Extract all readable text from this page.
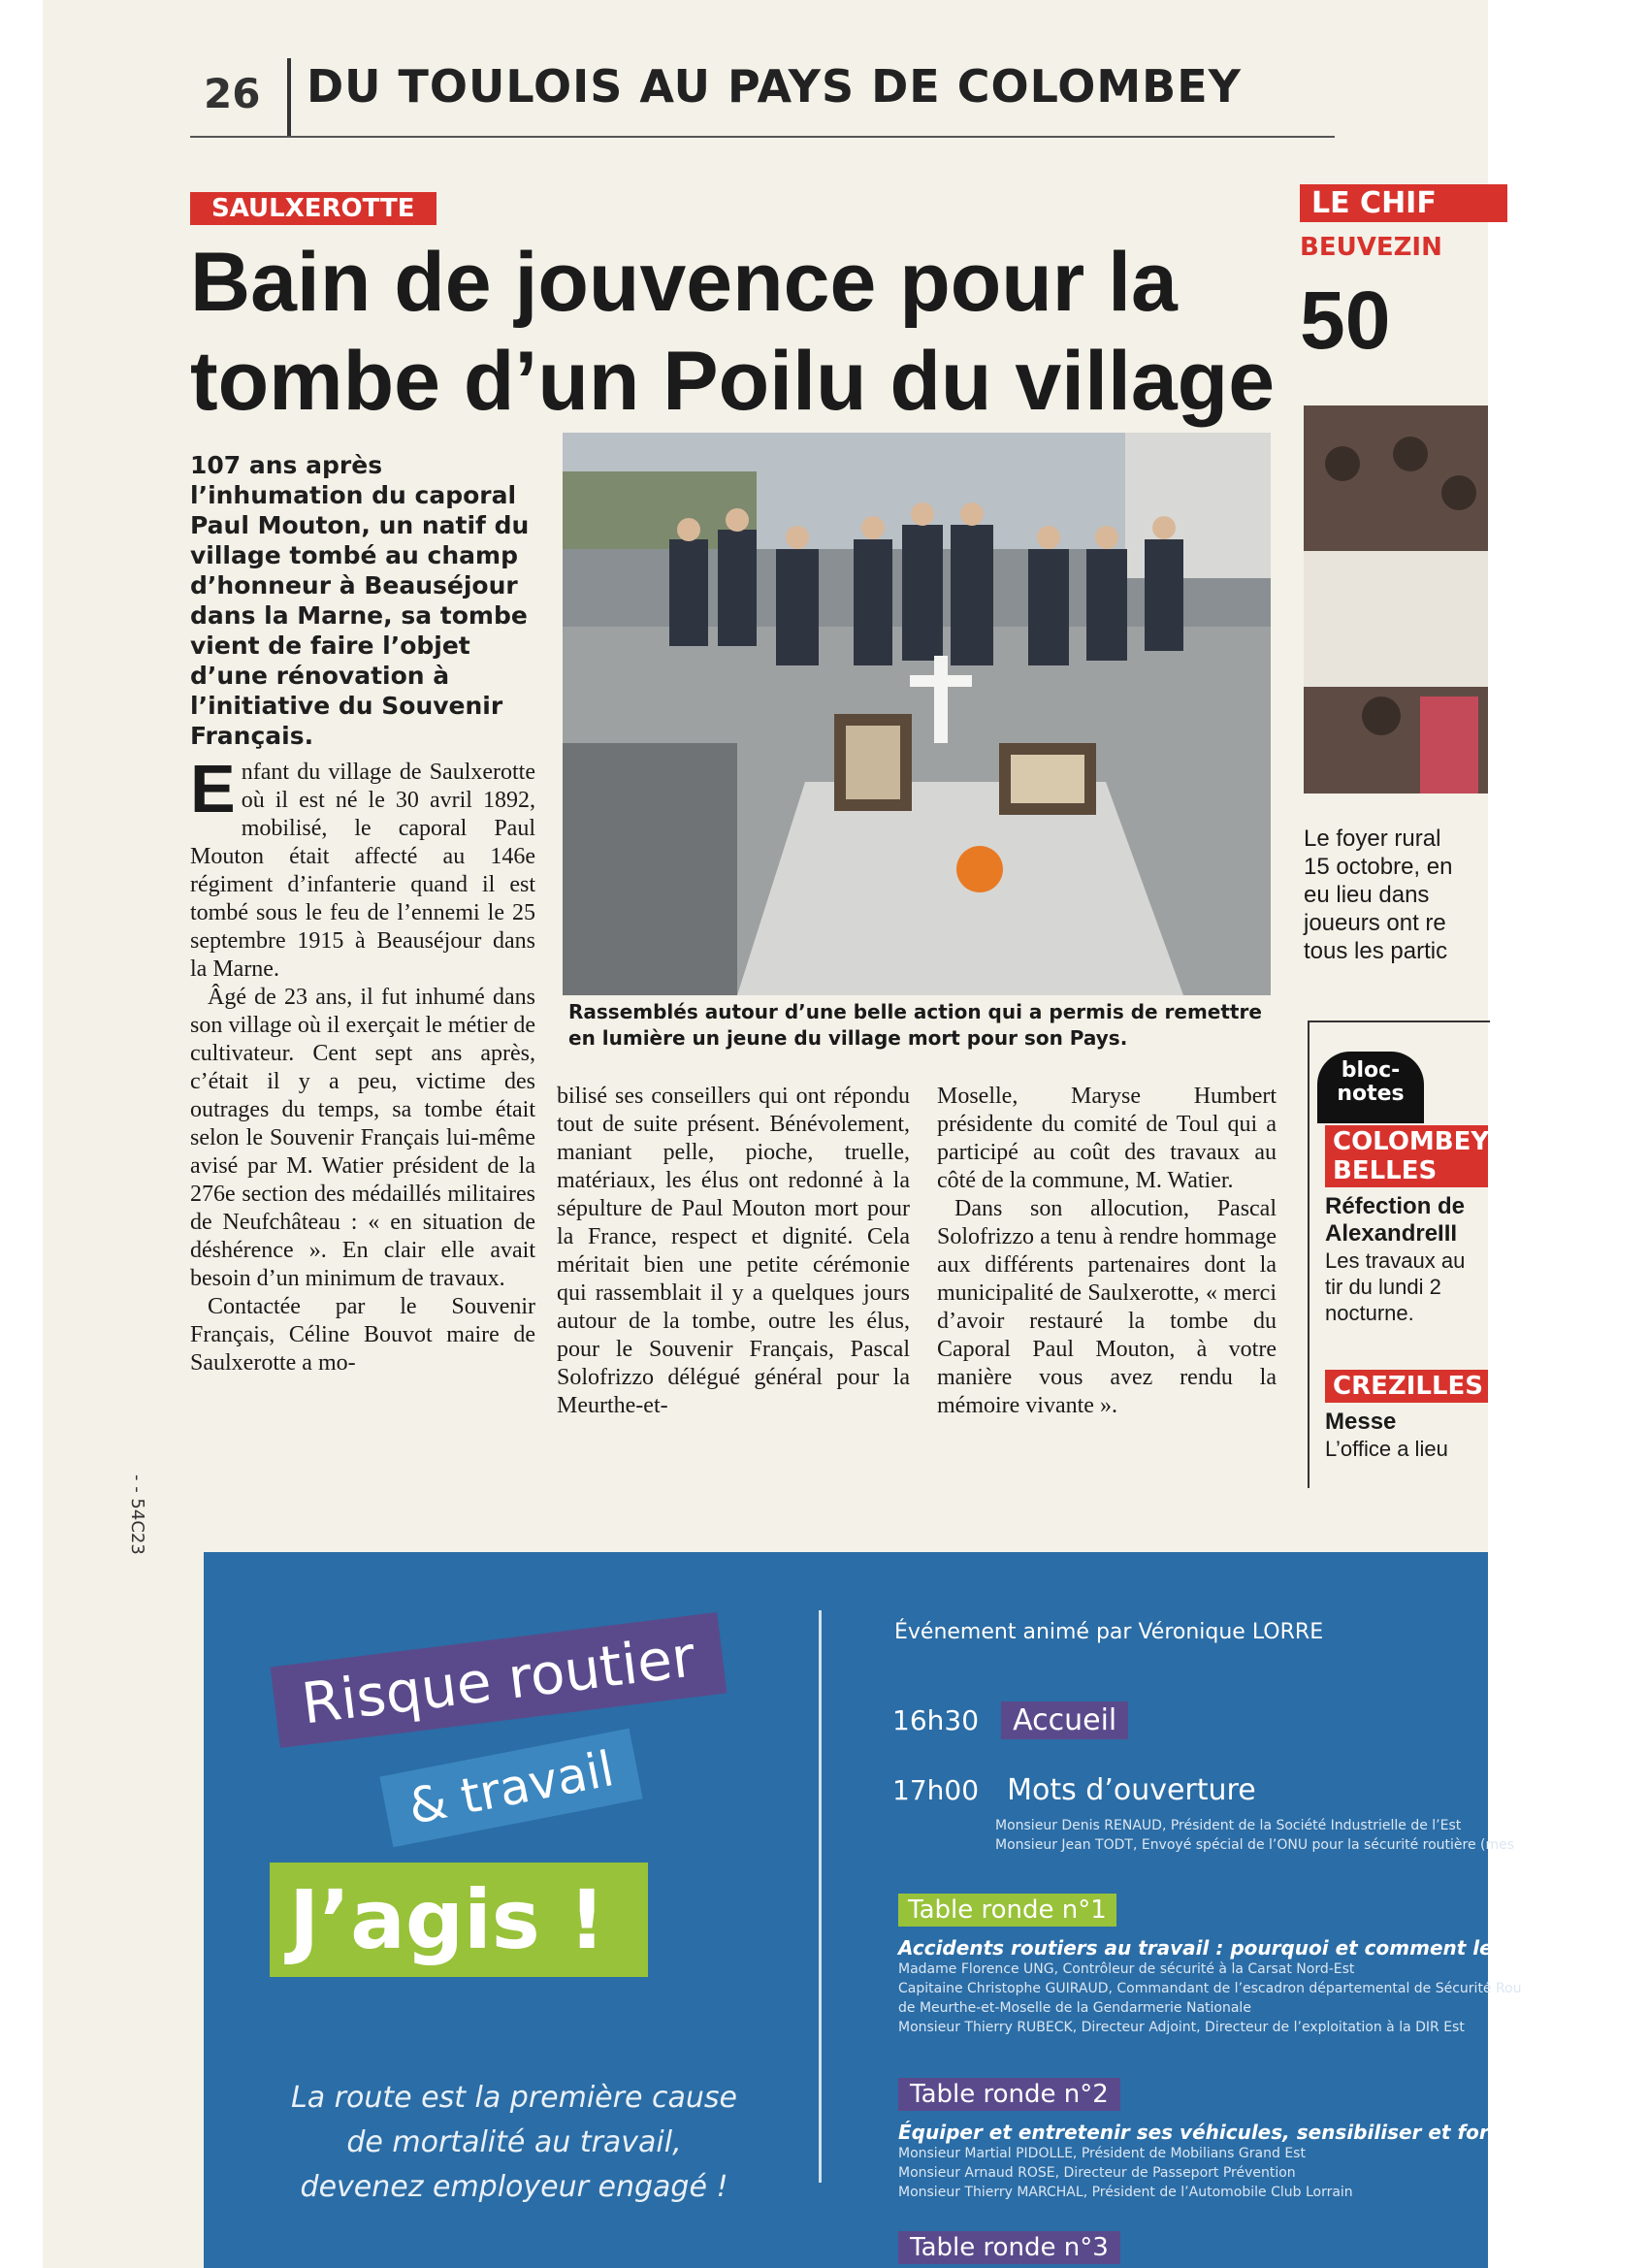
26 DU TOULOIS AU PAYS DE COLOMBEY
SAULXEROTTE
Bain de jouvence pour la
tombe d’un Poilu du village

107 ans après l’inhumation du caporal Paul Mouton, un natif du village tombé au champ d’honneur à Beauséjour dans la Marne, sa tombe vient de faire l’objet d’une rénovation à l’initiative du Souvenir Français.

Enfant du village de Saulxerotte où il est né le 30 avril 1892, mobilisé, le caporal Paul Mouton était affecté au 146e régiment d’infanterie quand il est tombé sous le feu de l’ennemi le 25 septembre 1915 à Beauséjour dans la Marne.

Âgé de 23 ans, il fut inhumé dans son village où il exerçait le métier de cultivateur. Cent sept ans après, c’était il y a peu, victime des outrages du temps, sa tombe était selon le Souvenir Français lui-même avisé par M. Watier président de la 276e section des médaillés militaires de Neufchâteau : « en situation de déshérence ». En clair elle avait besoin d’un minimum de travaux.

Contactée par le Souvenir Français, Céline Bouvot maire de Saulxerotte a mo-

bilisé ses conseillers qui ont répondu tout de suite présent. Bénévolement, maniant pelle, pioche, truelle, matériaux, les élus ont redonné à la sépulture de Paul Mouton mort pour la France, respect et dignité. Cela méritait bien une petite cérémonie qui rassemblait il y a quelques jours autour de la tombe, outre les élus, pour le Souvenir Français, Pascal Solofrizzo délégué général pour la Meurthe-et-

Moselle, Maryse Humbert présidente du comité de Toul qui a participé au coût des travaux au côté de la commune, M. Watier.

Dans son allocution, Pascal Solofrizzo a tenu à rendre hommage aux différents partenaires dont la municipalité de Saulxerotte, « merci d’avoir restauré la tombe du Caporal Paul Mouton, à votre manière vous avez rendu la mémoire vivante ».

Rassemblés autour d’une belle action qui a permis de remettre en lumière un jeune du village mort pour son Pays.

LE CHIF
BEUVEZIN
50
Le foyer rural
15 octobre, en
eu lieu dans
joueurs ont re
tous les partic
bloc-notes
COLOMBEY
BELLES
Réfection de
AlexandreIII
Les travaux au
tir du lundi 2
nocturne.
CREZILLES
Messe
L’office a lieu
- - 54C23
Risque routier
& travail
J’agis !
La route est la première cause
de mortalité au travail,
devenez employeur engagé !
Événement animé par Véronique LORRE
16h30 Accueil
17h00 Mots d’ouverture
Monsieur Denis RENAUD, Président de la Société Industrielle de l’Est
Monsieur Jean TODT, Envoyé spécial de l’ONU pour la sécurité routière (mes
Table ronde n°1
Accidents routiers au travail : pourquoi et comment les prév
Madame Florence UNG, Contrôleur de sécurité à la Carsat Nord-Est
Capitaine Christophe GUIRAUD, Commandant de l’escadron départemental de Sécurité Rou
de Meurthe-et-Moselle de la Gendarmerie Nationale
Monsieur Thierry RUBECK, Directeur Adjoint, Directeur de l’exploitation à la DIR Est
Table ronde n°2
Équiper et entretenir ses véhicules, sensibiliser et former les c
Monsieur Martial PIDOLLE, Président de Mobilians Grand Est
Monsieur Arnaud ROSE, Directeur de Passeport Prévention
Monsieur Thierry MARCHAL, Président de l’Automobile Club Lorrain
Table ronde n°3
